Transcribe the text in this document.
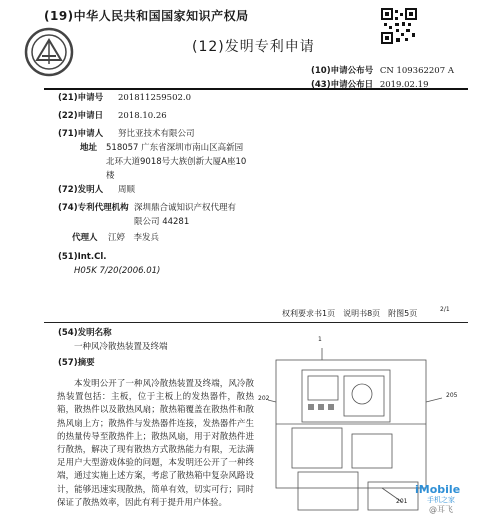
(19)中华人民共和国国家知识产权局
(12)发明专利申请
(10)申请公布号 CN 109362207 A
(43)申请公布日 2019.02.19
(21)申请号 201811259502.0
(22)申请日 2018.10.26
(71)申请人 努比亚技术有限公司
地址 518057 广东省深圳市南山区高新园
北环大道9018号大族创新大厦A座10
楼
(72)发明人 周顺
(74)专利代理机构 深圳鼎合诚知识产权代理有
限公司 44281
代理人 江婷　李发兵
(51)Int.Cl.
H05K 7/20(2006.01)
权利要求书1页　说明书8页　附图5页
(54)发明名称
一种风冷散热装置及终端
(57)摘要
本发明公开了一种风冷散热装置及终端，风冷散热装置包括：主板，位于主板上的发热器件，散热箱，散热件以及散热风扇；散热箱覆盖在散热件和散热风扇上方；散热件与发热器件连接，发热器件产生的热量传导至散热件上；散热风扇，用于对散热件进行散热，解决了现有散热方式散热能力有限，无法满足用户大型游戏体验的问题，本发明还公开了一种终端，通过实施上述方案，考虑了散热箱中复杂风路设计，能够迅速实现散热，简单有效，切实可行；同时保证了散热效率，因此有利于提升用户体验。
1
205
202
201
2/1
iMobile
手机之家
@耳飞
